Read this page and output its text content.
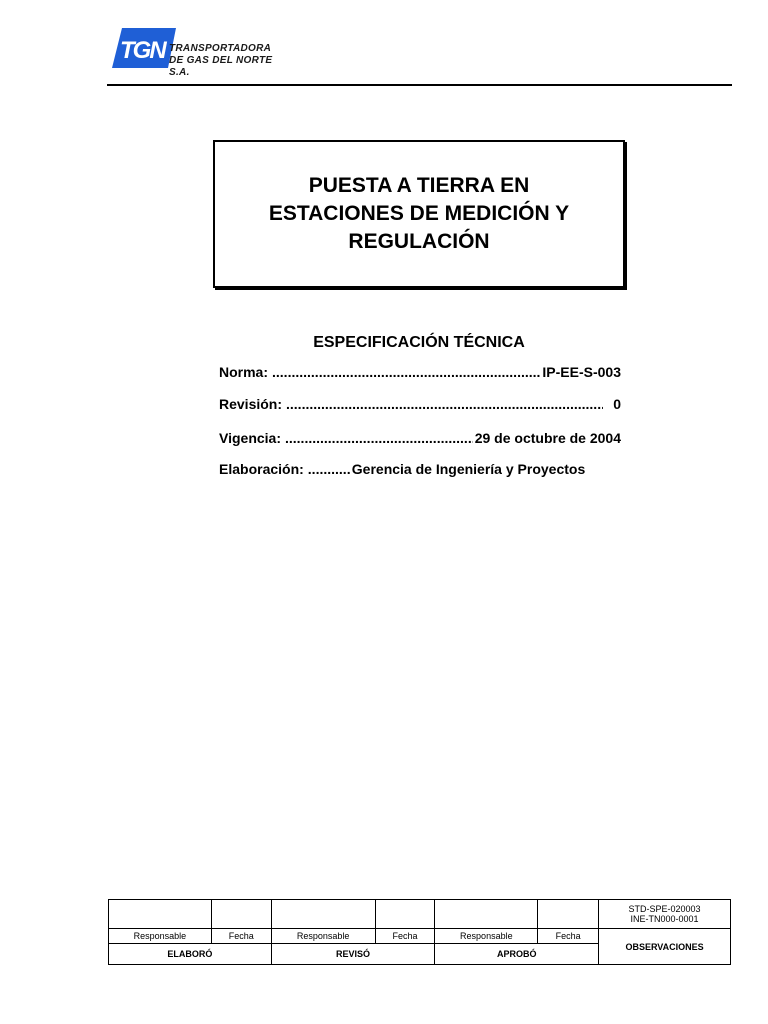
TGN TRANSPORTADORA
DE GAS DEL NORTE S.A.
PUESTA A TIERRA EN
ESTACIONES DE MEDICIÓN Y
REGULACIÓN
ESPECIFICACIÓN TÉCNICA
Norma: .....	IP-EE-S-003
Revisión: .....	0
Vigencia: .....	29 de octubre de 2004
Elaboración: .....	Gerencia de Ingeniería y Proyectos

						STD-SPE-020003
INE-TN000-0001

Responsable	Fecha	Responsable	Fecha	Responsable	Fecha	OBSERVACIONES
ELABORÓ		REVISÓ		APROBÓ		
